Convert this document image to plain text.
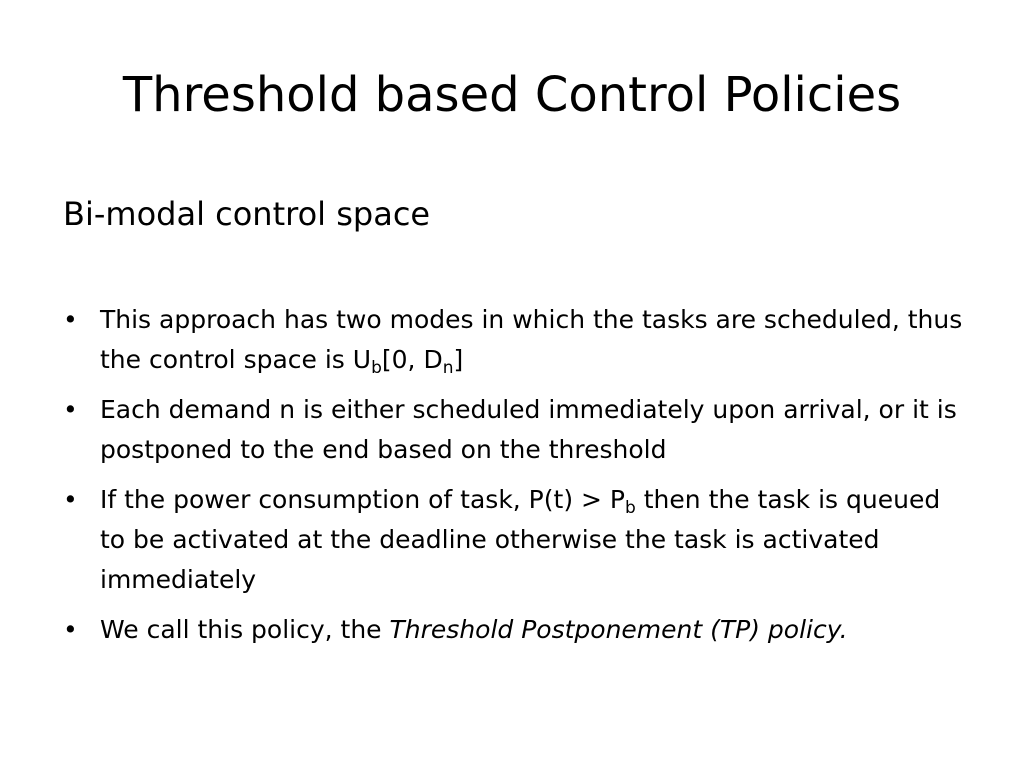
Threshold based Control Policies
Bi-modal control space
• This approach has two modes in which the tasks are scheduled, thus the control space is $U_b[0$, $D_n$]
• Each demand n is either scheduled immediately upon arrival, or it is postponed to the end based on the threshold
• If the power consumption of task, $P(t) > P_b$ then the task is queued to be activated at the deadline otherwise the task is activated immediately
• We call this policy, the Threshold Postponement (TP) policy.
